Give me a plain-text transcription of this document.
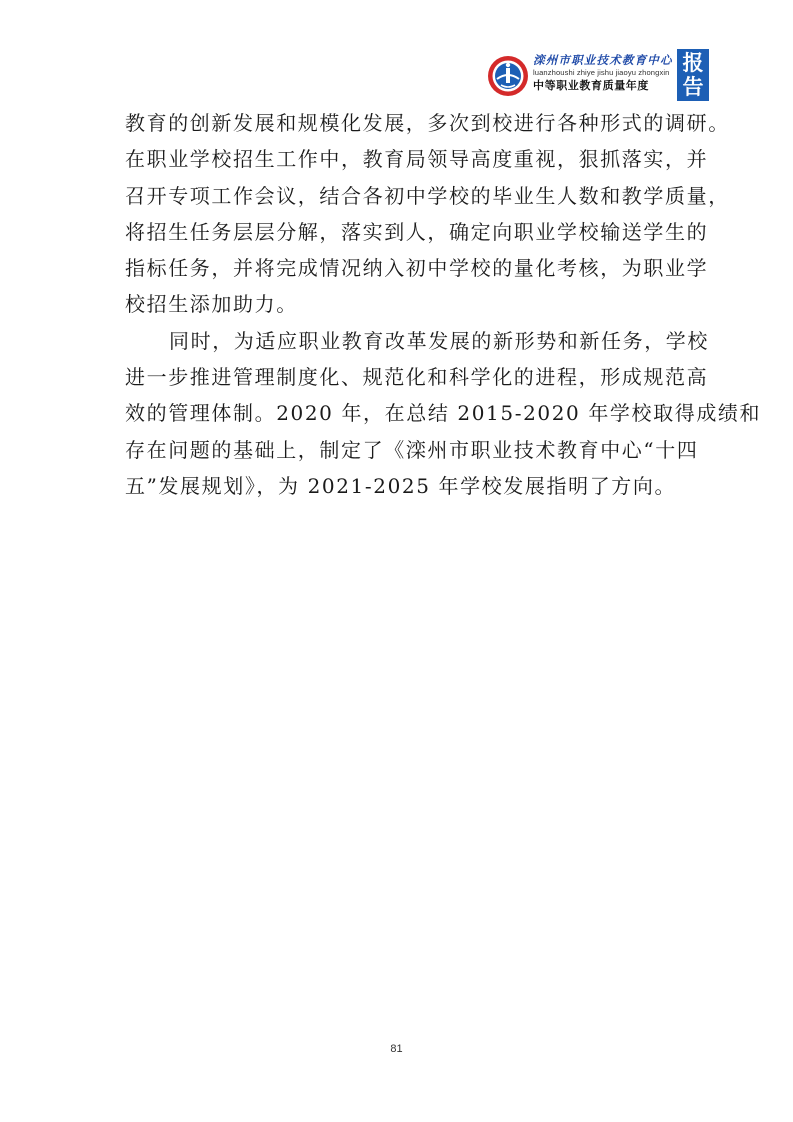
滦州市职业技术教育中心
luanzhoushi zhiye jishu jiaoyu zhongxin
中等职业教育质量年度
报
告

教育的创新发展和规模化发展，多次到校进行各种形式的调研。
在职业学校招生工作中，教育局领导高度重视，狠抓落实，并
召开专项工作会议，结合各初中学校的毕业生人数和教学质量，
将招生任务层层分解，落实到人，确定向职业学校输送学生的
指标任务，并将完成情况纳入初中学校的量化考核，为职业学
校招生添加助力。

同时，为适应职业教育改革发展的新形势和新任务，学校
进一步推进管理制度化、规范化和科学化的进程，形成规范高
效的管理体制。2020 年，在总结 2015-2020 年学校取得成绩和
存在问题的基础上，制定了《滦州市职业技术教育中心“十四
五”发展规划》，为 2021-2025 年学校发展指明了方向。

81
